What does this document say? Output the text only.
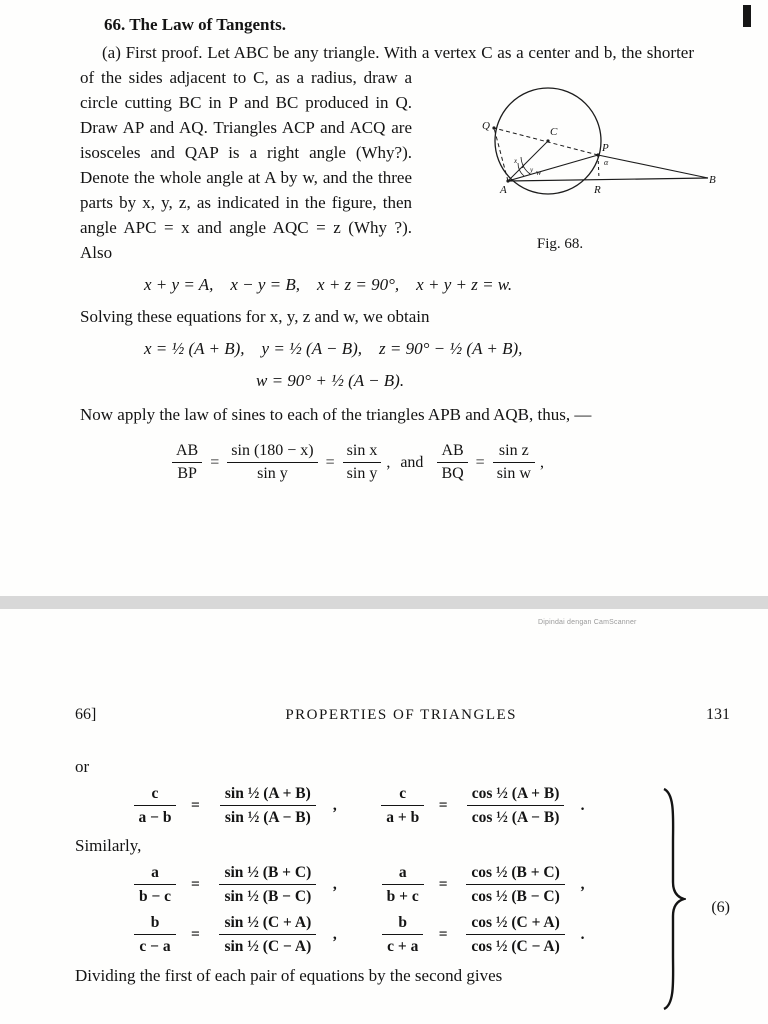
66. The Law of Tangents.
(a) First proof. Let ABC be any triangle. With a vertex C as a
Q	C
P
B
A	R
w
x
z y
α
Fig. 68.
center and b, the shorter of the sides adjacent to C, as a radius, draw a circle cutting BC in P and BC produced in Q. Draw AP and AQ. Triangles ACP and ACQ are isosceles and QAP is a right angle (Why?). Denote the whole angle at A by w, and the three parts by x, y, z, as indicated in the figure, then angle APC = x and angle AQC = z (Why ?). Also
x + y = A,    x − y = B,    x + z = 90°,    x + y + z = w.
Solving these equations for x, y, z and w, we obtain
x = ½ (A + B),    y = ½ (A − B),    z = 90° − ½ (A + B),
w = 90° + ½ (A − B).
Now apply the law of sines to each of the triangles APB and AQB, thus, —
$\frac{AB}{BP} = \frac{\sin (180 - x)}{\text{sin y}} = \frac{\text{sin x}}{\text{sin y}}$ , and $\frac{AB}{BQ} = \frac{\text{sin z}}{\text{sin w}}$ ,
Dipindai dengan CamScanner
66]	PROPERTIES OF TRIANGLES	131
or
$\frac{c}{a - b} = \frac{\text{sin ½ (A + B)}}{\text{sin ½ (A − B)}}$ ,	$\frac{c}{a + b} = \frac{\text{cos ½ (A + B)}}{\text{cos ½ (A − B)}}$ .
Similarly,
$\frac{a}{b - c} = \frac{\text{sin ½ (B + C)}}{\text{sin ½ (B − C)}}$ ,	$\frac{a}{b + c} = \frac{\text{cos ½ (B + C)}}{\text{cos ½ (B − C)}}$ ,
$\frac{b}{c - a} = \frac{\text{sin ½ (C + A)}}{\text{sin ½ (C − A)}}$ ,	$\frac{b}{c + a} = \frac{\text{cos ½ (C + A)}}{\text{cos ½ (C − A)}}$ .
(6)
Dividing the first of each pair of equations by the second gives
